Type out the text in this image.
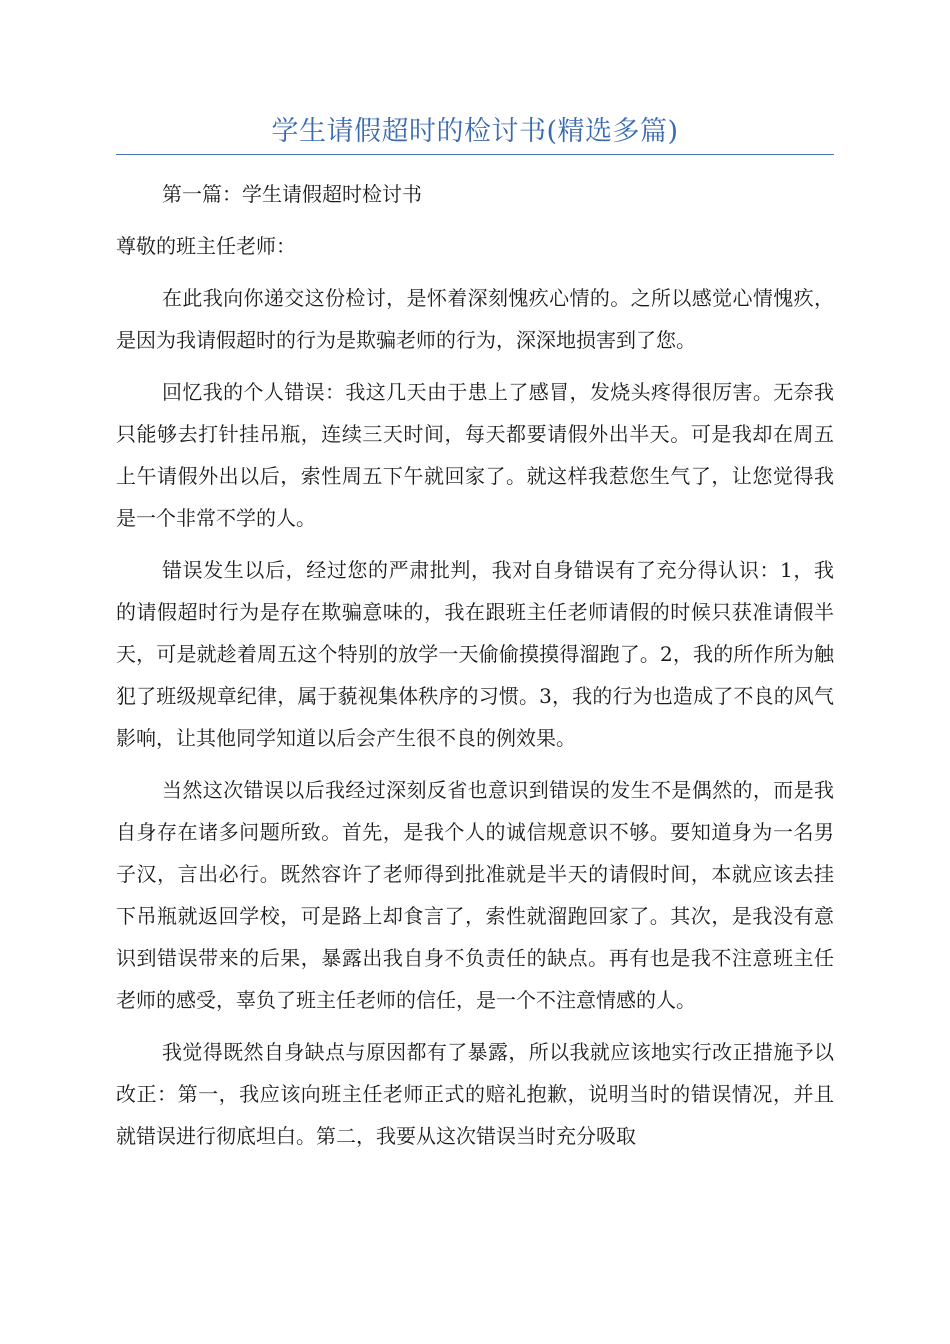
学生请假超时的检讨书(精选多篇)

第一篇：学生请假超时检讨书

尊敬的班主任老师：

在此我向你递交这份检讨，是怀着深刻愧疚心情的。之所以感觉心情愧疚，是因为我请假超时的行为是欺骗老师的行为，深深地损害到了您。

回忆我的个人错误：我这几天由于患上了感冒，发烧头疼得很厉害。无奈我只能够去打针挂吊瓶，连续三天时间，每天都要请假外出半天。可是我却在周五上午请假外出以后，索性周五下午就回家了。就这样我惹您生气了，让您觉得我是一个非常不学的人。

错误发生以后，经过您的严肃批判，我对自身错误有了充分得认识：1，我的请假超时行为是存在欺骗意味的，我在跟班主任老师请假的时候只获准请假半天，可是就趁着周五这个特别的放学一天偷偷摸摸得溜跑了。2，我的所作所为触犯了班级规章纪律，属于藐视集体秩序的习惯。3，我的行为也造成了不良的风气影响，让其他同学知道以后会产生很不良的例效果。

当然这次错误以后我经过深刻反省也意识到错误的发生不是偶然的，而是我自身存在诸多问题所致。首先，是我个人的诚信规意识不够。要知道身为一名男子汉，言出必行。既然容许了老师得到批准就是半天的请假时间，本就应该去挂下吊瓶就返回学校，可是路上却食言了，索性就溜跑回家了。其次，是我没有意识到错误带来的后果，暴露出我自身不负责任的缺点。再有也是我不注意班主任老师的感受，辜负了班主任老师的信任，是一个不注意情感的人。

我觉得既然自身缺点与原因都有了暴露，所以我就应该地实行改正措施予以改正：第一，我应该向班主任老师正式的赔礼抱歉，说明当时的错误情况，并且就错误进行彻底坦白。第二，我要从这次错误当时充分吸取
